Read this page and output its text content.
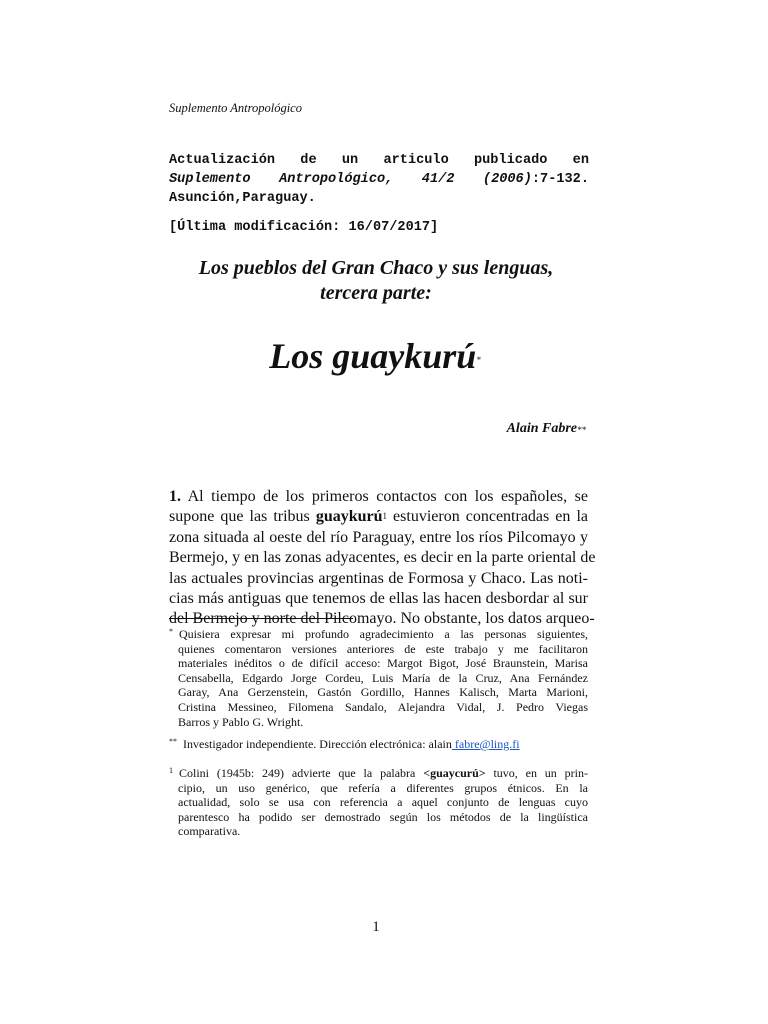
Suplemento Antropológico
Actualización de un articulo publicado en Suplemento Antropológico, 41/2 (2006):7-132. Asunción,Paraguay.
[Última modificación: 16/07/2017]
Los pueblos del Gran Chaco y sus lenguas,
tercera parte:
Los guaykurú*
Alain Fabre**
1. Al tiempo de los primeros contactos con los españoles, se
supone que las tribus guaykurú$^1$ estuvieron concentradas en la
zona situada al oeste del río Paraguay, entre los ríos Pilcomayo y
Bermejo, y en las zonas adyacentes, es decir en la parte oriental de
las actuales provincias argentinas de Formosa y Chaco. Las noti-
cias más antiguas que tenemos de ellas las hacen desbordar al sur
del Bermejo y norte del Pilcomayo. No obstante, los datos arqueo-
* Quisiera expresar mi profundo agradecimiento a las personas siguientes,
quienes comentaron versiones anteriores de este trabajo y me facilitaron
materiales inéditos o de difícil acceso: Margot Bigot, José Braunstein, Marisa
Censabella, Edgardo Jorge Cordeu, Luis María de la Cruz, Ana Fernández
Garay, Ana Gerzenstein, Gastón Gordillo, Hannes Kalisch, Marta Marioni,
Cristina Messineo, Filomena Sandalo, Alejandra Vidal, J. Pedro Viegas
Barros y Pablo G. Wright.
** Investigador independiente. Dirección electrónica: alain fabre@ling.fi
$^1$ Colini (1945b: 249) advierte que la palabra <guaycurú> tuvo, en un prin-
cipio, un uso genérico, que refería a diferentes grupos étnicos. En la
actualidad, solo se usa con referencia a aquel conjunto de lenguas cuyo
parentesco ha podido ser demostrado según los métodos de la lingüística
comparativa.
1
